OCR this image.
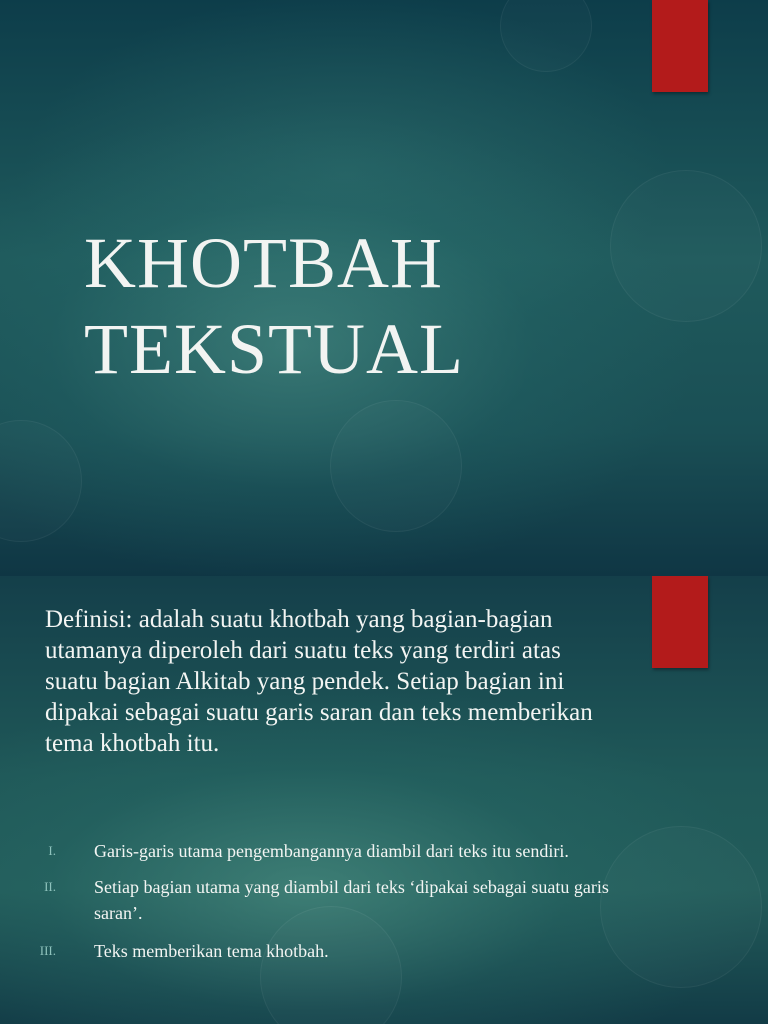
KHOTBAH
TEKSTUAL
Definisi: adalah suatu khotbah yang bagian-bagian
utamanya diperoleh dari suatu teks yang terdiri atas
suatu bagian Alkitab yang pendek. Setiap bagian ini
dipakai sebagai suatu garis saran dan teks memberikan
tema khotbah itu.
I. Garis-garis utama pengembangannya diambil dari teks itu sendiri.
II. Setiap bagian utama yang diambil dari teks ‘dipakai sebagai suatu garis
saran’.
III. Teks memberikan tema khotbah.
